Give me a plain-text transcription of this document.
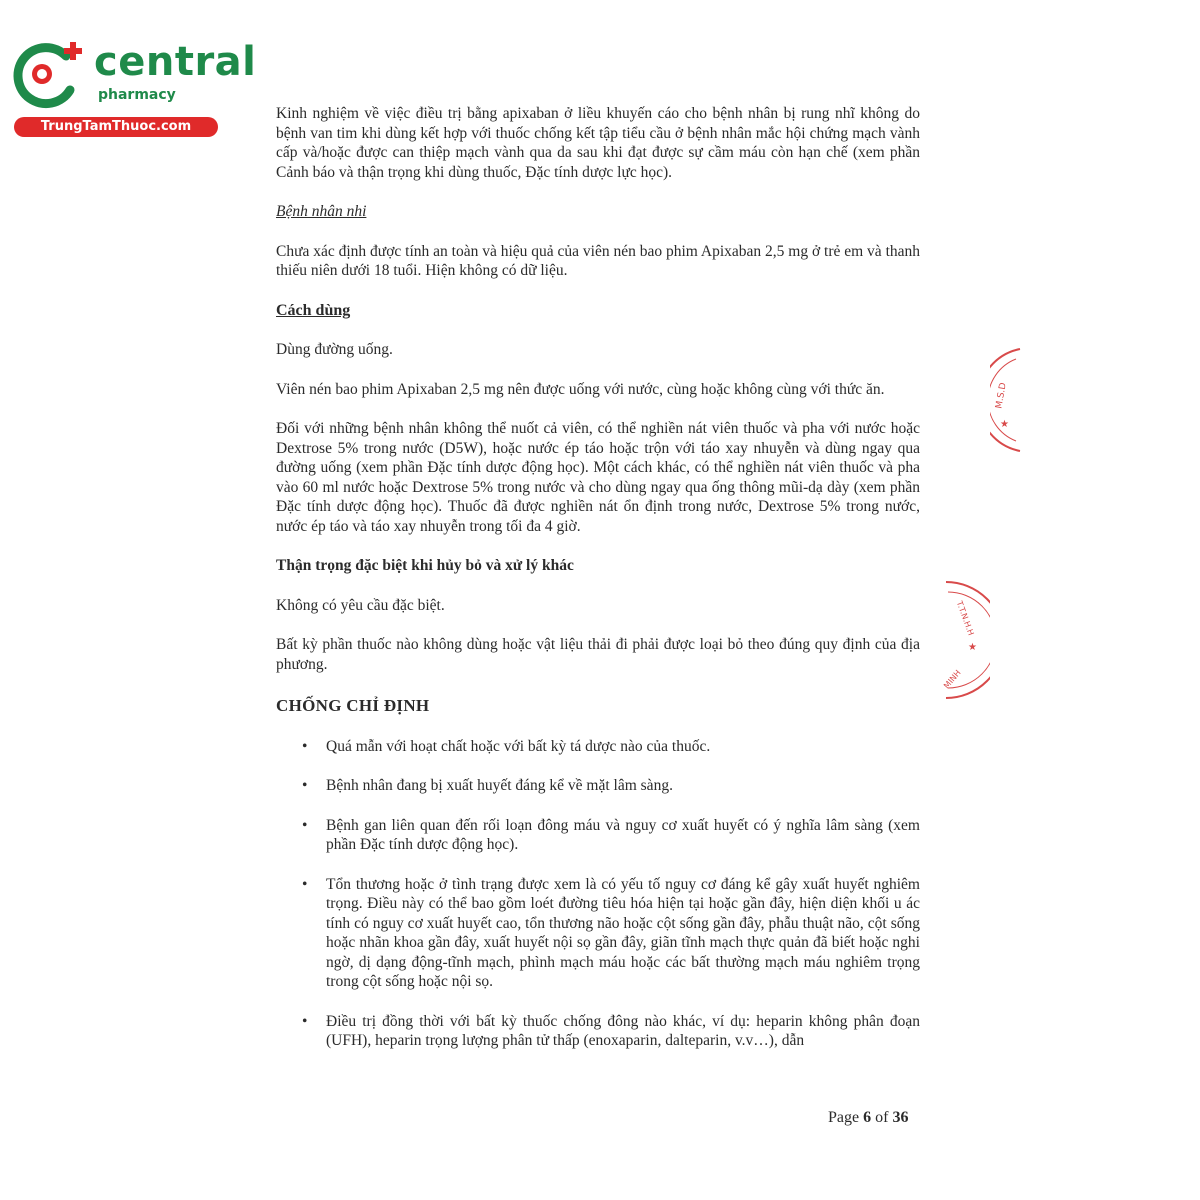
central
pharmacy
TrungTamThuoc.com

Kinh nghiệm về việc điều trị bằng apixaban ở liều khuyến cáo cho bệnh nhân bị rung nhĩ không do bệnh van tim khi dùng kết hợp với thuốc chống kết tập tiểu cầu ở bệnh nhân mắc hội chứng mạch vành cấp và/hoặc được can thiệp mạch vành qua da sau khi đạt được sự cầm máu còn hạn chế (xem phần Cảnh báo và thận trọng khi dùng thuốc, Đặc tính dược lực học).

Bệnh nhân nhi

Chưa xác định được tính an toàn và hiệu quả của viên nén bao phim Apixaban 2,5 mg ở trẻ em và thanh thiếu niên dưới 18 tuổi. Hiện không có dữ liệu.

Cách dùng

Dùng đường uống.

Viên nén bao phim Apixaban 2,5 mg nên được uống với nước, cùng hoặc không cùng với thức ăn.

Đối với những bệnh nhân không thể nuốt cả viên, có thể nghiền nát viên thuốc và pha với nước hoặc Dextrose 5% trong nước (D5W), hoặc nước ép táo hoặc trộn với táo xay nhuyễn và dùng ngay qua đường uống (xem phần Đặc tính dược động học). Một cách khác, có thể nghiền nát viên thuốc và pha vào 60 ml nước hoặc Dextrose 5% trong nước và cho dùng ngay qua ống thông mũi-dạ dày (xem phần Đặc tính dược động học). Thuốc đã được nghiền nát ổn định trong nước, Dextrose 5% trong nước, nước ép táo và táo xay nhuyễn trong tối đa 4 giờ.

Thận trọng đặc biệt khi hủy bỏ và xử lý khác

Không có yêu cầu đặc biệt.

Bất kỳ phần thuốc nào không dùng hoặc vật liệu thải đi phải được loại bỏ theo đúng quy định của địa phương.

CHỐNG CHỈ ĐỊNH

• Quá mẫn với hoạt chất hoặc với bất kỳ tá dược nào của thuốc.
• Bệnh nhân đang bị xuất huyết đáng kể về mặt lâm sàng.
• Bệnh gan liên quan đến rối loạn đông máu và nguy cơ xuất huyết có ý nghĩa lâm sàng (xem phần Đặc tính dược động học).
• Tổn thương hoặc ở tình trạng được xem là có yếu tố nguy cơ đáng kể gây xuất huyết nghiêm trọng. Điều này có thể bao gồm loét đường tiêu hóa hiện tại hoặc gần đây, hiện diện khối u ác tính có nguy cơ xuất huyết cao, tổn thương não hoặc cột sống gần đây, phẫu thuật não, cột sống hoặc nhãn khoa gần đây, xuất huyết nội sọ gần đây, giãn tĩnh mạch thực quản đã biết hoặc nghi ngờ, dị dạng động-tĩnh mạch, phình mạch máu hoặc các bất thường mạch máu nghiêm trọng trong cột sống hoặc nội sọ.
• Điều trị đồng thời với bất kỳ thuốc chống đông nào khác, ví dụ: heparin không phân đoạn (UFH), heparin trọng lượng phân tử thấp (enoxaparin, dalteparin, v.v…), dẫn
Page 6 of 36
M.S.D
★
T.T.N.H.H
★
MINH
